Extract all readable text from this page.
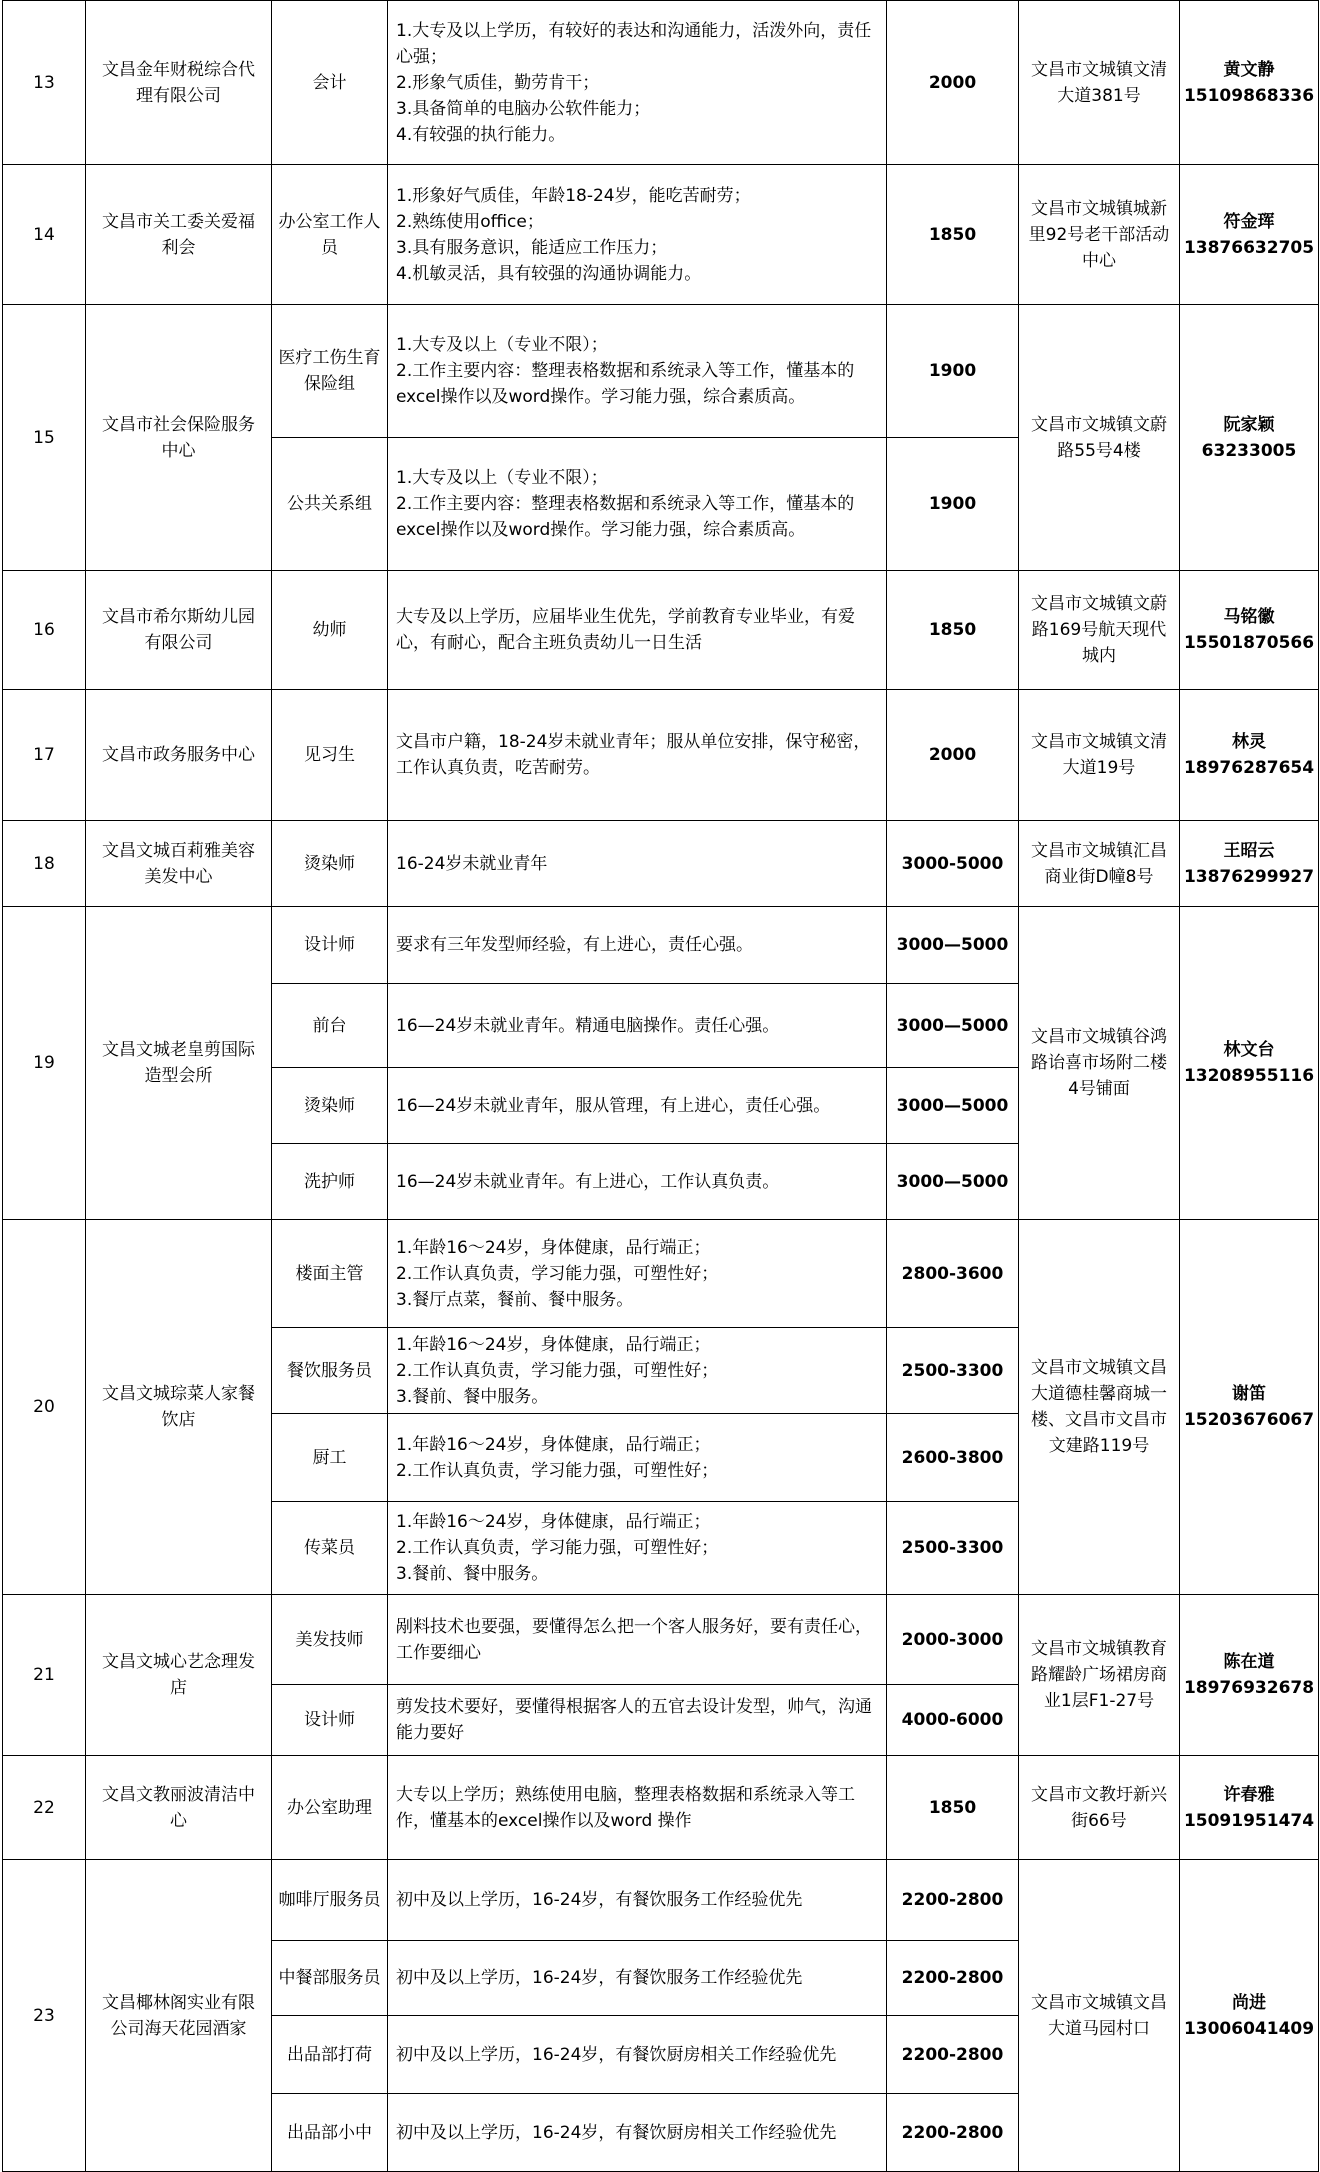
13	文昌金年财税综合代理有限公司	会计	1.大专及以上学历，有较好的表达和沟通能力，活泼外向，责任心强；
2.形象气质佳，勤劳肯干；
3.具备简单的电脑办公软件能力；
4.有较强的执行能力。	2000	文昌市文城镇文清大道381号	黄文静
15109868336

14	文昌市关工委关爱福利会	办公室工作人员	1.形象好气质佳，年龄18-24岁，能吃苦耐劳；
2.熟练使用office；
3.具有服务意识，能适应工作压力；
4.机敏灵活，具有较强的沟通协调能力。	1850	文昌市文城镇城新里92号老干部活动中心	符金珲
13876632705

15	文昌市社会保险服务中心	医疗工伤生育保险组	1.大专及以上（专业不限）；
2.工作主要内容：整理表格数据和系统录入等工作，懂基本的excel操作以及word操作。学习能力强，综合素质高。	1900	文昌市文城镇文蔚路55号4楼	阮家颖
63233005

		公共关系组	1.大专及以上（专业不限）；
2.工作主要内容：整理表格数据和系统录入等工作，懂基本的excel操作以及word操作。学习能力强，综合素质高。	1900		
16	文昌市希尔斯幼儿园有限公司	幼师	大专及以上学历，应届毕业生优先，学前教育专业毕业，有爱心，有耐心，配合主班负责幼儿一日生活	1850	文昌市文城镇文蔚路169号航天现代城内	马铭徽
15501870566

17	文昌市政务服务中心	见习生	文昌市户籍，18-24岁未就业青年；服从单位安排，保守秘密，工作认真负责，吃苦耐劳。	2000	文昌市文城镇文清大道19号	林灵
18976287654

18	文昌文城百莉雅美容美发中心	烫染师	16-24岁未就业青年	3000-5000	文昌市文城镇汇昌商业街D幢8号	王昭云
13876299927

19	文昌文城老皇剪国际造型会所	设计师	要求有三年发型师经验，有上进心，责任心强。	3000—5000	文昌市文城镇谷鸿路诒喜市场附二楼4号铺面	林文台
13208955116

		前台	16—24岁未就业青年。精通电脑操作。责任心强。	3000—5000		
		烫染师	16—24岁未就业青年，服从管理，有上进心，责任心强。	3000—5000		
		洗护师	16—24岁未就业青年。有上进心，工作认真负责。	3000—5000		
20	文昌文城琮菜人家餐饮店	楼面主管	1.年龄16～24岁，身体健康，品行端正；
2.工作认真负责，学习能力强，可塑性好；
3.餐厅点菜，餐前、餐中服务。	2800-3600	文昌市文城镇文昌大道德桂馨商城一楼、文昌市文昌市文建路119号	谢笛
15203676067

		餐饮服务员	1.年龄16～24岁，身体健康，品行端正；
2.工作认真负责，学习能力强，可塑性好；
3.餐前、餐中服务。	2500-3300		
		厨工	1.年龄16～24岁，身体健康，品行端正；
2.工作认真负责，学习能力强，可塑性好；	2600-3800		
		传菜员	1.年龄16～24岁，身体健康，品行端正；
2.工作认真负责，学习能力强，可塑性好；
3.餐前、餐中服务。	2500-3300		
21	文昌文城心艺念理发店	美发技师	剐料技术也要强，要懂得怎么把一个客人服务好，要有责任心，工作要细心	2000-3000	文昌市文城镇教育路耀龄广场裙房商业1层F1-27号	陈在道
18976932678

		设计师	剪发技术要好，要懂得根据客人的五官去设计发型，帅气，沟通能力要好	4000-6000		
22	文昌文教丽波清洁中心	办公室助理	大专以上学历；熟练使用电脑，整理表格数据和系统录入等工作，懂基本的excel操作以及word 操作	1850	文昌市文教圩新兴街66号	许春雅
15091951474

23	文昌椰林阁实业有限公司海天花园酒家	咖啡厅服务员	初中及以上学历，16-24岁，有餐饮服务工作经验优先	2200-2800	文昌市文城镇文昌大道马园村口	尚进
13006041409

		中餐部服务员	初中及以上学历，16-24岁，有餐饮服务工作经验优先	2200-2800		
		出品部打荷	初中及以上学历，16-24岁，有餐饮厨房相关工作经验优先	2200-2800		
		出品部小中	初中及以上学历，16-24岁，有餐饮厨房相关工作经验优先	2200-2800		
